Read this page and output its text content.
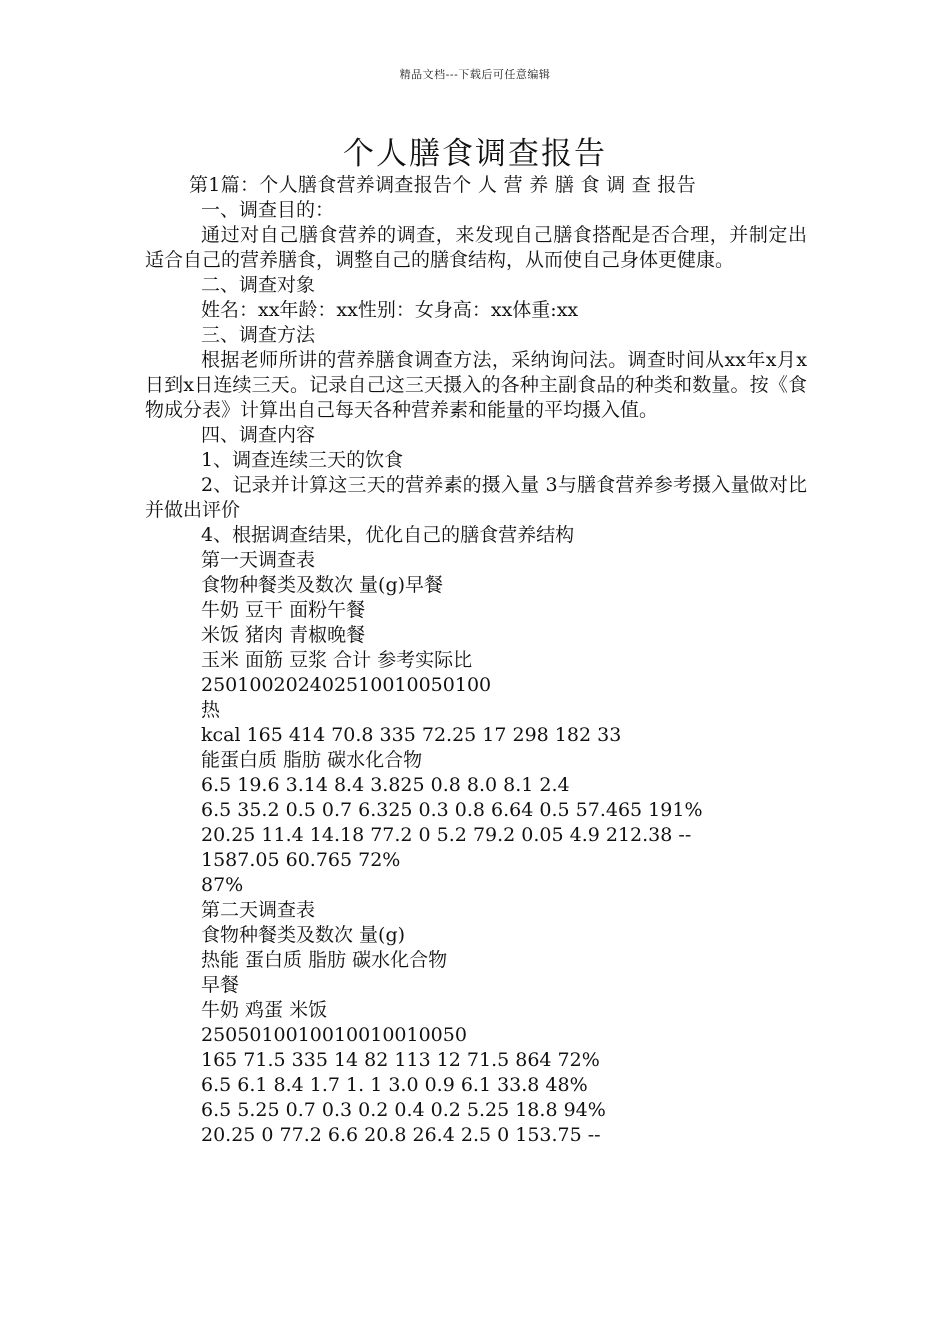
精品文档---下载后可任意编辑
个人膳食调查报告

第1篇：个人膳食营养调查报告个 人 营 养 膳 食 调 查 报告

一、调查目的：

通过对自己膳食营养的调查，来发现自己膳食搭配是否合理，并制定出适合自己的营养膳食，调整自己的膳食结构，从而使自己身体更健康。

二、调查对象

姓名：xx年龄：xx性别：女身高：xx体重:xx

三、调查方法

根据老师所讲的营养膳食调查方法，采纳询问法。调查时间从xx年x月x日到x日连续三天。记录自己这三天摄入的各种主副食品的种类和数量。按《食物成分表》计算出自己每天各种营养素和能量的平均摄入值。

四、调查内容

1、调查连续三天的饮食

2、记录并计算这三天的营养素的摄入量 3与膳食营养参考摄入量做对比并做出评价

4、根据调查结果，优化自己的膳食营养结构

第一天调查表

食物种餐类及数次 量(g)早餐

牛奶 豆干 面粉午餐

米饭 猪肉 青椒晚餐

玉米 面筋 豆浆 合计 参考实际比

250100202402510010050100

热

kcal 165 414 70.8 335 72.25 17 298 182 33

能蛋白质 脂肪 碳水化合物

6.5 19.6 3.14 8.4 3.825 0.8 8.0 8.1 2.4

6.5 35.2 0.5 0.7 6.325 0.3 0.8 6.64 0.5 57.465 191%

20.25 11.4 14.18 77.2 0 5.2 79.2 0.05 4.9 212.38 --

1587.05 60.765 72%

87%

第二天调查表

食物种餐类及数次 量(g)

热能 蛋白质 脂肪 碳水化合物

早餐

牛奶 鸡蛋 米饭

2505010010010010010050

165 71.5 335 14 82 113 12 71.5 864 72%

6.5 6.1 8.4 1.7 1. 1 3.0 0.9 6.1 33.8 48%

6.5 5.25 0.7 0.3 0.2 0.4 0.2 5.25 18.8 94%

20.25 0 77.2 6.6 20.8 26.4 2.5 0 153.75 --
